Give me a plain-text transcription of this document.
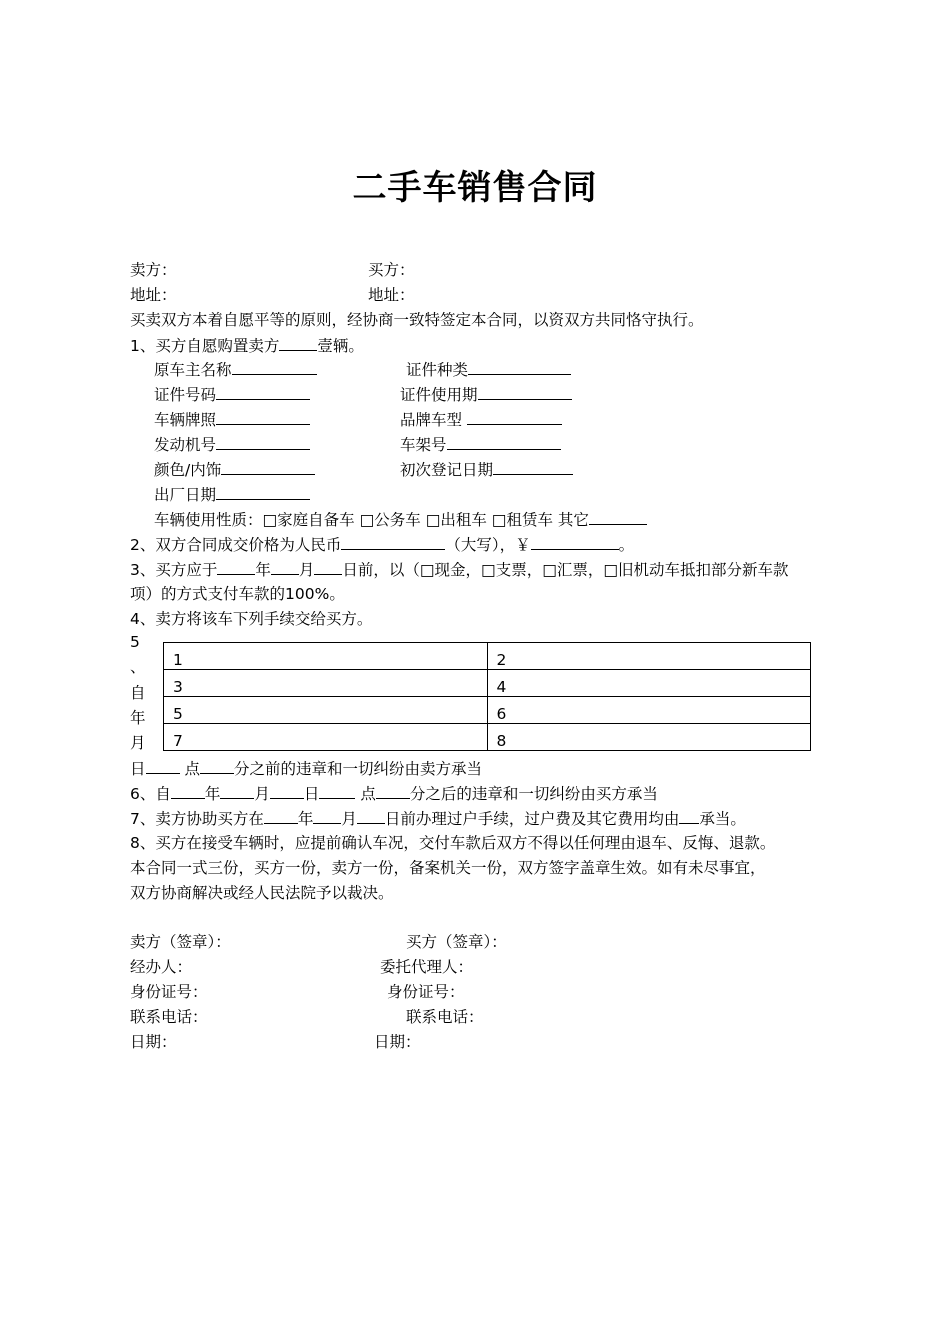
二手车销售合同
卖方：	买方：
地址：	地址：
买卖双方本着自愿平等的原则，经协商一致特签定本合同，以资双方共同恪守执行。
1、买方自愿购置卖方 壹辆。
原车主名称	证件种类
证件号码	证件使用期
车辆牌照	品牌车型
发动机号	车架号
颜色/内饰	初次登记日期
出厂日期
车辆使用性质：□家庭自备车 □公务车 □出租车 □租赁车 其它
2、双方合同成交价格为人民币	（大写），￥	。
3、买方应于 年 月 日前，以（□现金，□支票，□汇票，□旧机动车抵扣部分新车款
项）的方式支付车款的100%。
4、卖方将该车下列手续交给买方。
5
、
自
年
月
1	2
3	4
5	6
7	8
日 点 分之前的违章和一切纠纷由卖方承当
6、自 年 月 日 点 分之后的违章和一切纠纷由买方承当
7、卖方协助买方在 年 月 日前办理过户手续，过户费及其它费用均由 承当。
8、买方在接受车辆时，应提前确认车况，交付车款后双方不得以任何理由退车、反悔、退款。
本合同一式三份，买方一份，卖方一份，备案机关一份，双方签字盖章生效。如有未尽事宜，
双方协商解决或经人民法院予以裁决。
卖方（签章）：	买方（签章）：
经办人：	委托代理人：
身份证号：	身份证号：
联系电话：	联系电话：
日期：	日期：
